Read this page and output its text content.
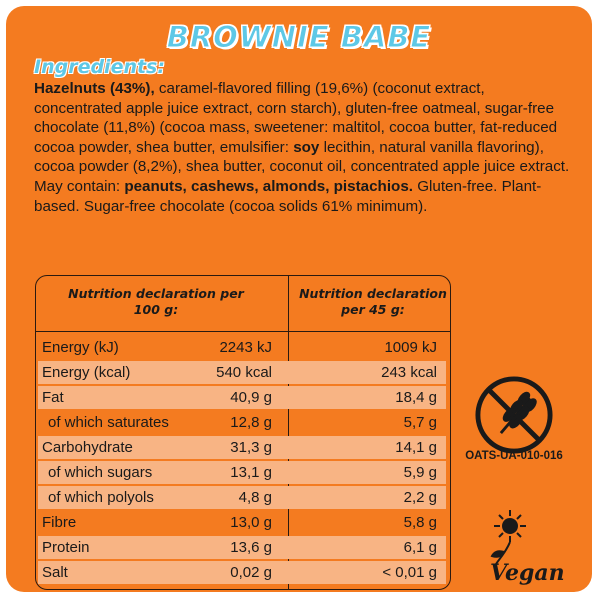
BROWNIE BABE
Ingredients:
Hazelnuts (43%), caramel-flavored filling (19,6%) (coconut extract, concentrated apple juice extract, corn starch), gluten-free oatmeal, sugar-free chocolate (11,8%) (cocoa mass, sweetener: maltitol, cocoa butter, fat-reduced cocoa powder, shea butter, emulsifier: soy lecithin, natural vanilla flavoring), cocoa powder (8,2%), shea butter, coconut oil, concentrated apple juice extract. May contain: peanuts, cashews, almonds, pistachios. Gluten-free. Plant-based. Sugar-free chocolate (cocoa solids 61% minimum).
Nutrition declaration per 100 g:
Nutrition declaration per 45 g:
Energy (kJ)	2243 kJ	1009 kJ
Energy (kcal)	540 kcal	243 kcal
Fat	40,9 g	18,4 g
of which saturates	12,8 g	5,7 g
Carbohydrate	31,3 g	14,1 g
of which sugars	13,1 g	5,9 g
of which polyols	4,8 g	2,2 g
Fibre	13,0 g	5,8 g
Protein	13,6 g	6,1 g
Salt	0,02 g	< 0,01 g
OATS-UA-010-016
Vegan
